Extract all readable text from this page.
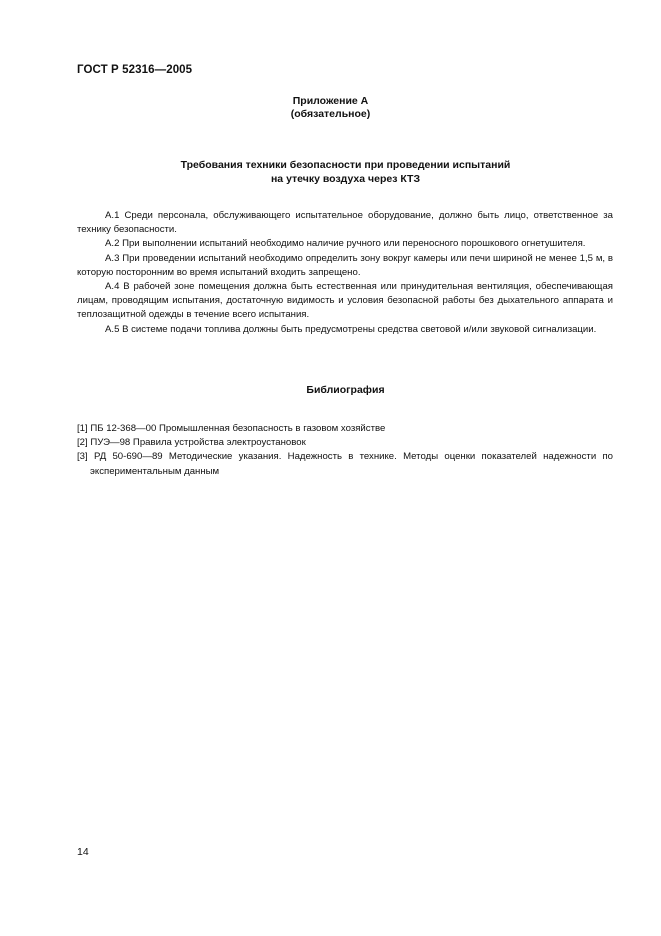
ГОСТ Р 52316—2005
Приложение А
(обязательное)
Требования техники безопасности при проведении испытаний
на утечку воздуха через КТЗ

А.1 Среди персонала, обслуживающего испытательное оборудование, должно быть лицо, ответственное за технику безопасности.

А.2 При выполнении испытаний необходимо наличие ручного или переносного порошкового огнетушителя.

А.3 При проведении испытаний необходимо определить зону вокруг камеры или печи шириной не менее 1,5 м, в которую посторонним во время испытаний входить запрещено.

А.4 В рабочей зоне помещения должна быть естественная или принудительная вентиляция, обеспечивающая лицам, проводящим испытания, достаточную видимость и условия безопасной работы без дыхательного аппарата и теплозащитной одежды в течение всего испытания.

А.5 В системе подачи топлива должны быть предусмотрены средства световой и/или звуковой сигнализации.

Библиография

[1] ПБ 12-368—00 Промышленная безопасность в газовом хозяйстве

[2] ПУЭ—98 Правила устройства электроустановок

[3] РД 50-690—89 Методические указания. Надежность в технике. Методы оценки показателей надежности по экспериментальным данным

14
